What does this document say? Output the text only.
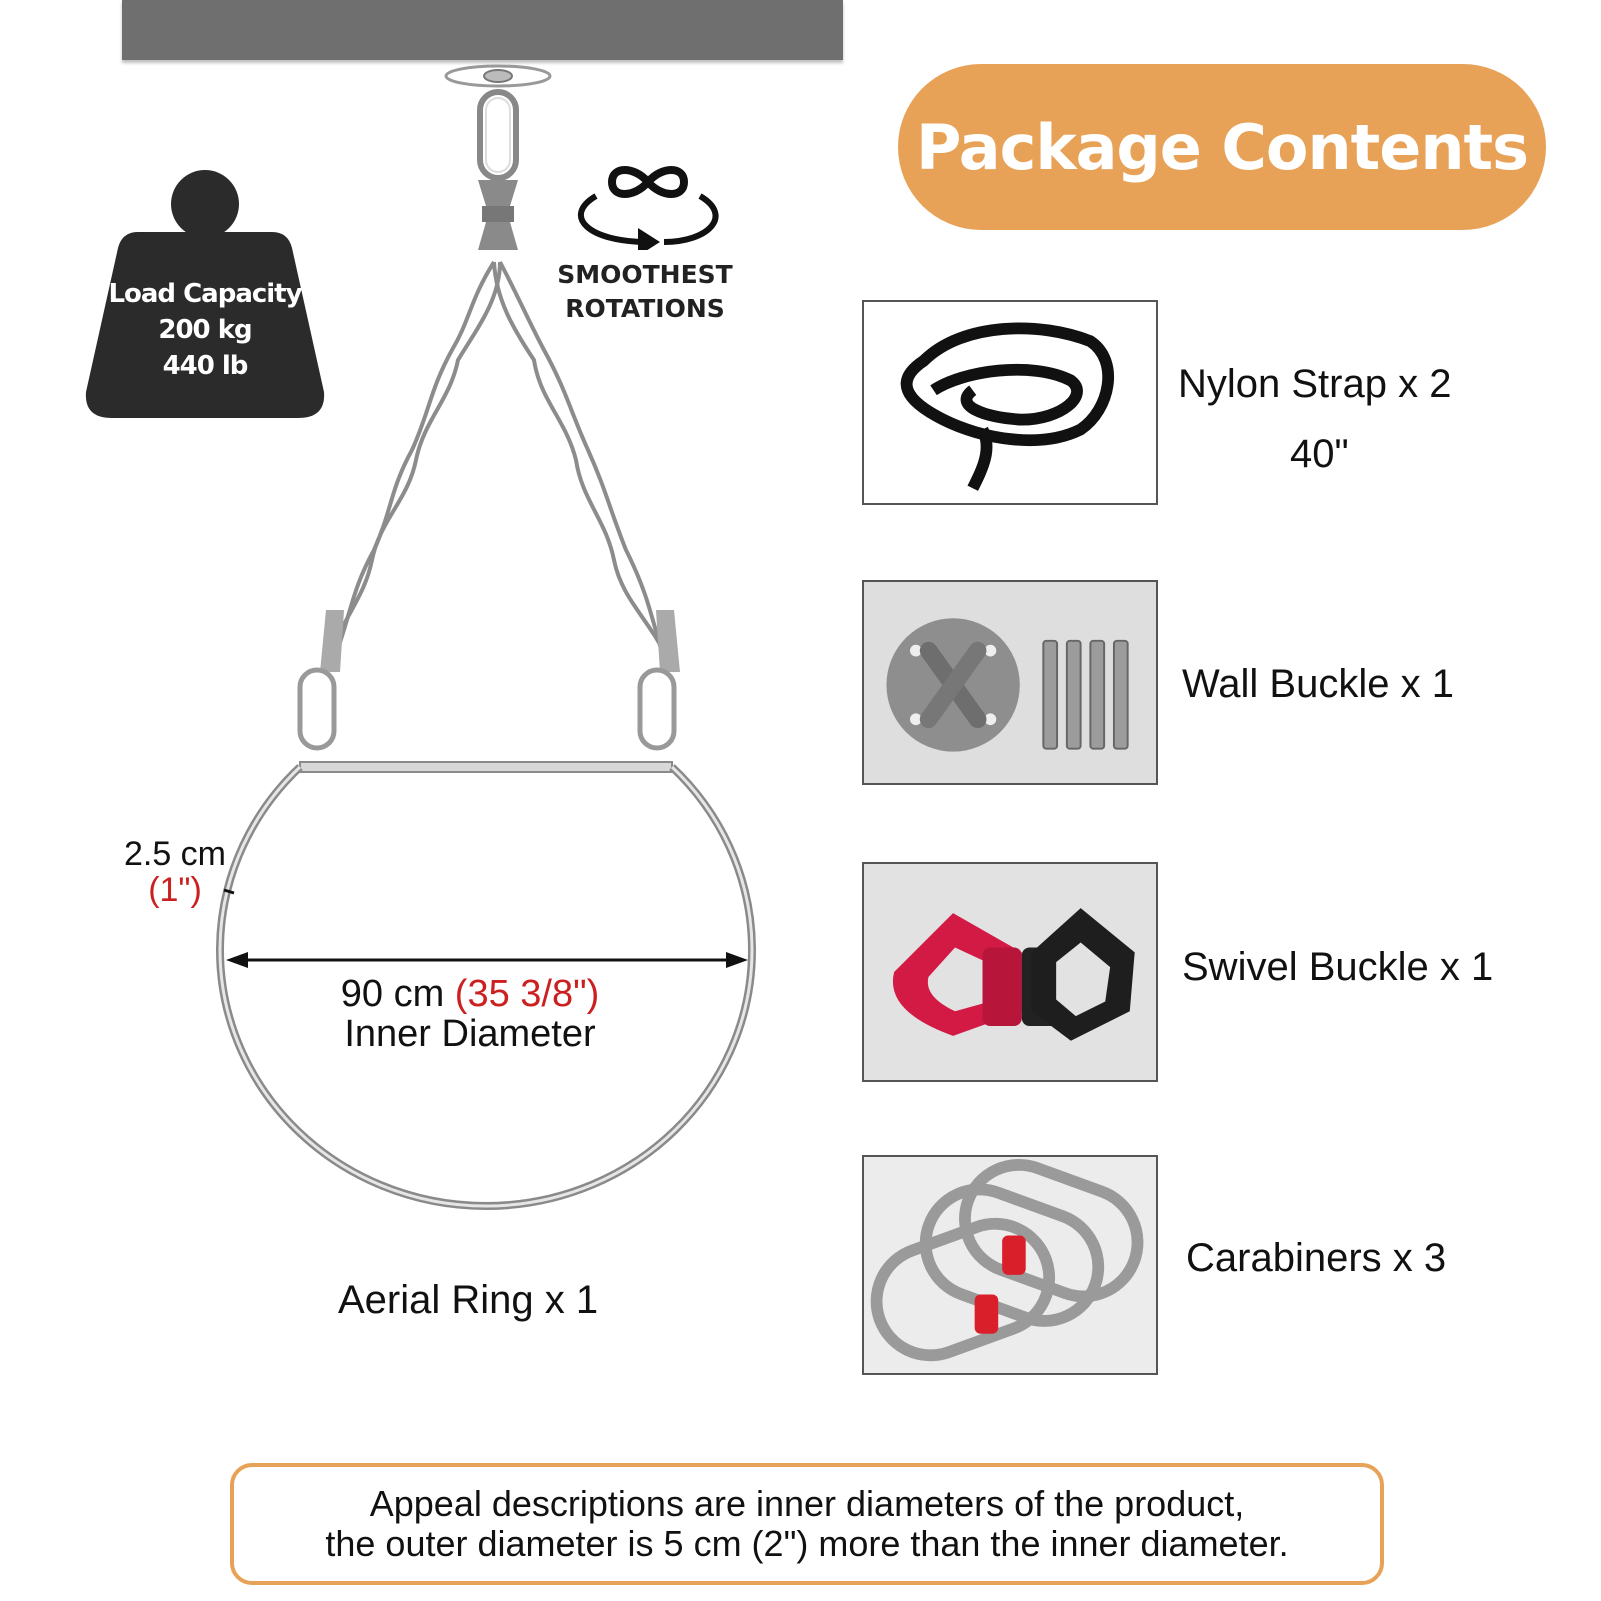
Load Capacity
200 kg
440 lb
SMOOTHEST
ROTATIONS
Package Contents
Nylon Strap x 2
40"
Wall Buckle x 1
Swivel Buckle x 1
Carabiners x 3
2.5 cm
(1")
90 cm (35 3/8")
Inner Diameter
Aerial Ring x 1
Appeal descriptions are inner diameters of the product,
the outer diameter is 5 cm (2") more than the inner diameter.
